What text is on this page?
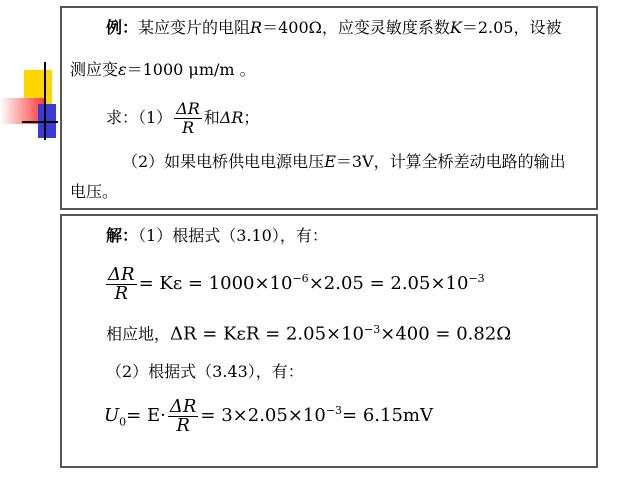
例：某应变片的电阻R＝400Ω，应变灵敏度系数K＝2.05，设被
测应变ε＝1000 μm/m 。
求：$(1) \frac{\Delta R}{R}$ 和ΔR；
（2）如果电桥供电电源电压E＝3V，计算全桥差动电路的输出
电压。
解：（1）根据式（3.10），有：
$\frac{\Delta R}{R} = K\varepsilon = 1000\times 10^{-6}\times 2.05 = 2.05\times 10^{-3}$
相应地，$\Delta R = K\varepsilon R = 2.05\times 10^{-3}\times 400 = 0.82\Omega$
（2）根据式（3.43），有：
$U_0= E\cdot \frac{\Delta R}{R} = 3\times 2.05\times 10^{-3}= 6.15mV$
